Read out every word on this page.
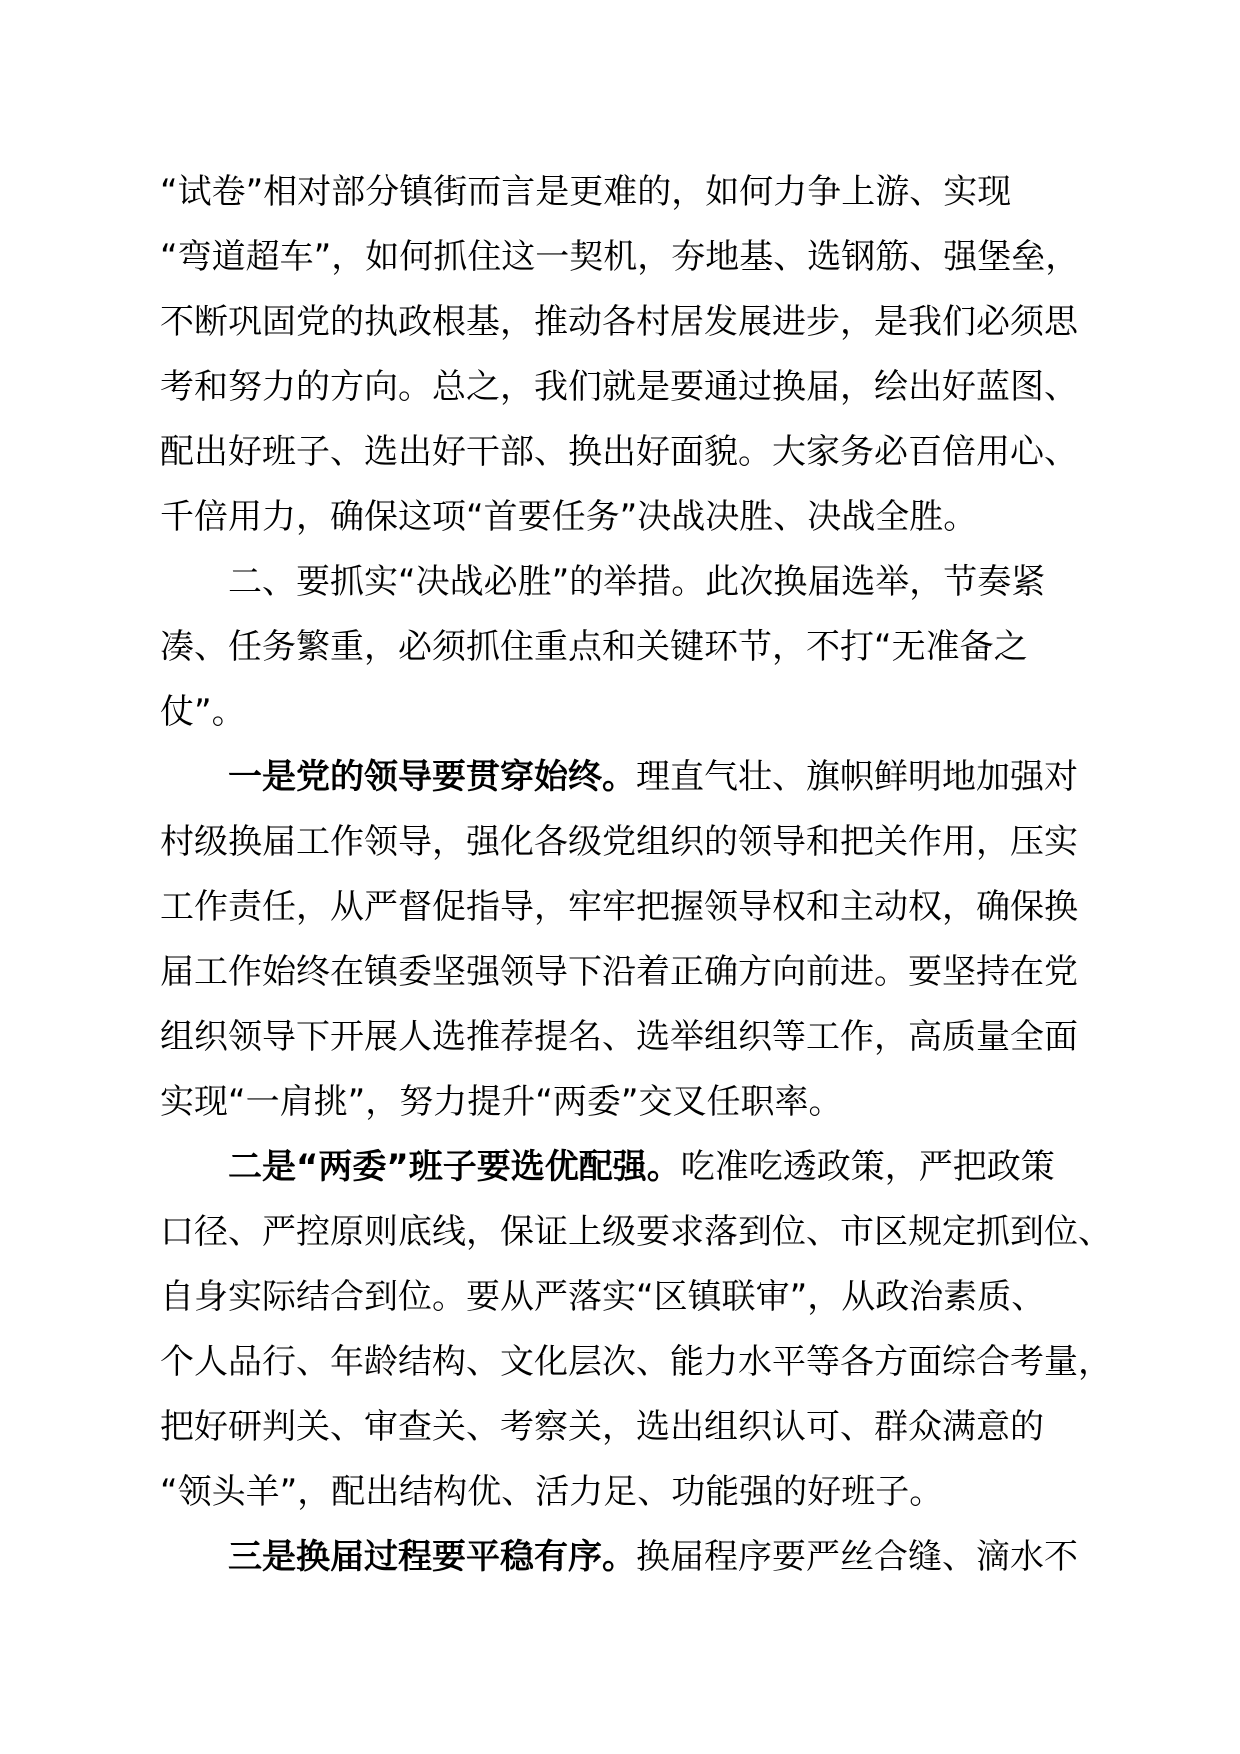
“试卷”相对部分镇街而言是更难的，如何力争上游、实现
“弯道超车”，如何抓住这一契机，夯地基、选钢筋、强堡垒，
不断巩固党的执政根基，推动各村居发展进步，是我们必须思
考和努力的方向。总之，我们就是要通过换届，绘出好蓝图、
配出好班子、选出好干部、换出好面貌。大家务必百倍用心、
千倍用力，确保这项“首要任务”决战决胜、决战全胜。
二、要抓实“决战必胜”的举措。此次换届选举，节奏紧
凑、任务繁重，必须抓住重点和关键环节，不打“无准备之
仗”。
一是党的领导要贯穿始终。理直气壮、旗帜鲜明地加强对
村级换届工作领导，强化各级党组织的领导和把关作用，压实
工作责任，从严督促指导，牢牢把握领导权和主动权，确保换
届工作始终在镇委坚强领导下沿着正确方向前进。要坚持在党
组织领导下开展人选推荐提名、选举组织等工作，高质量全面
实现“一肩挑”，努力提升“两委”交叉任职率。
二是“两委”班子要选优配强。吃准吃透政策，严把政策
口径、严控原则底线，保证上级要求落到位、市区规定抓到位、
自身实际结合到位。要从严落实“区镇联审”，从政治素质、
个人品行、年龄结构、文化层次、能力水平等各方面综合考量，
把好研判关、审查关、考察关，选出组织认可、群众满意的
“领头羊”，配出结构优、活力足、功能强的好班子。
三是换届过程要平稳有序。换届程序要严丝合缝、滴水不
